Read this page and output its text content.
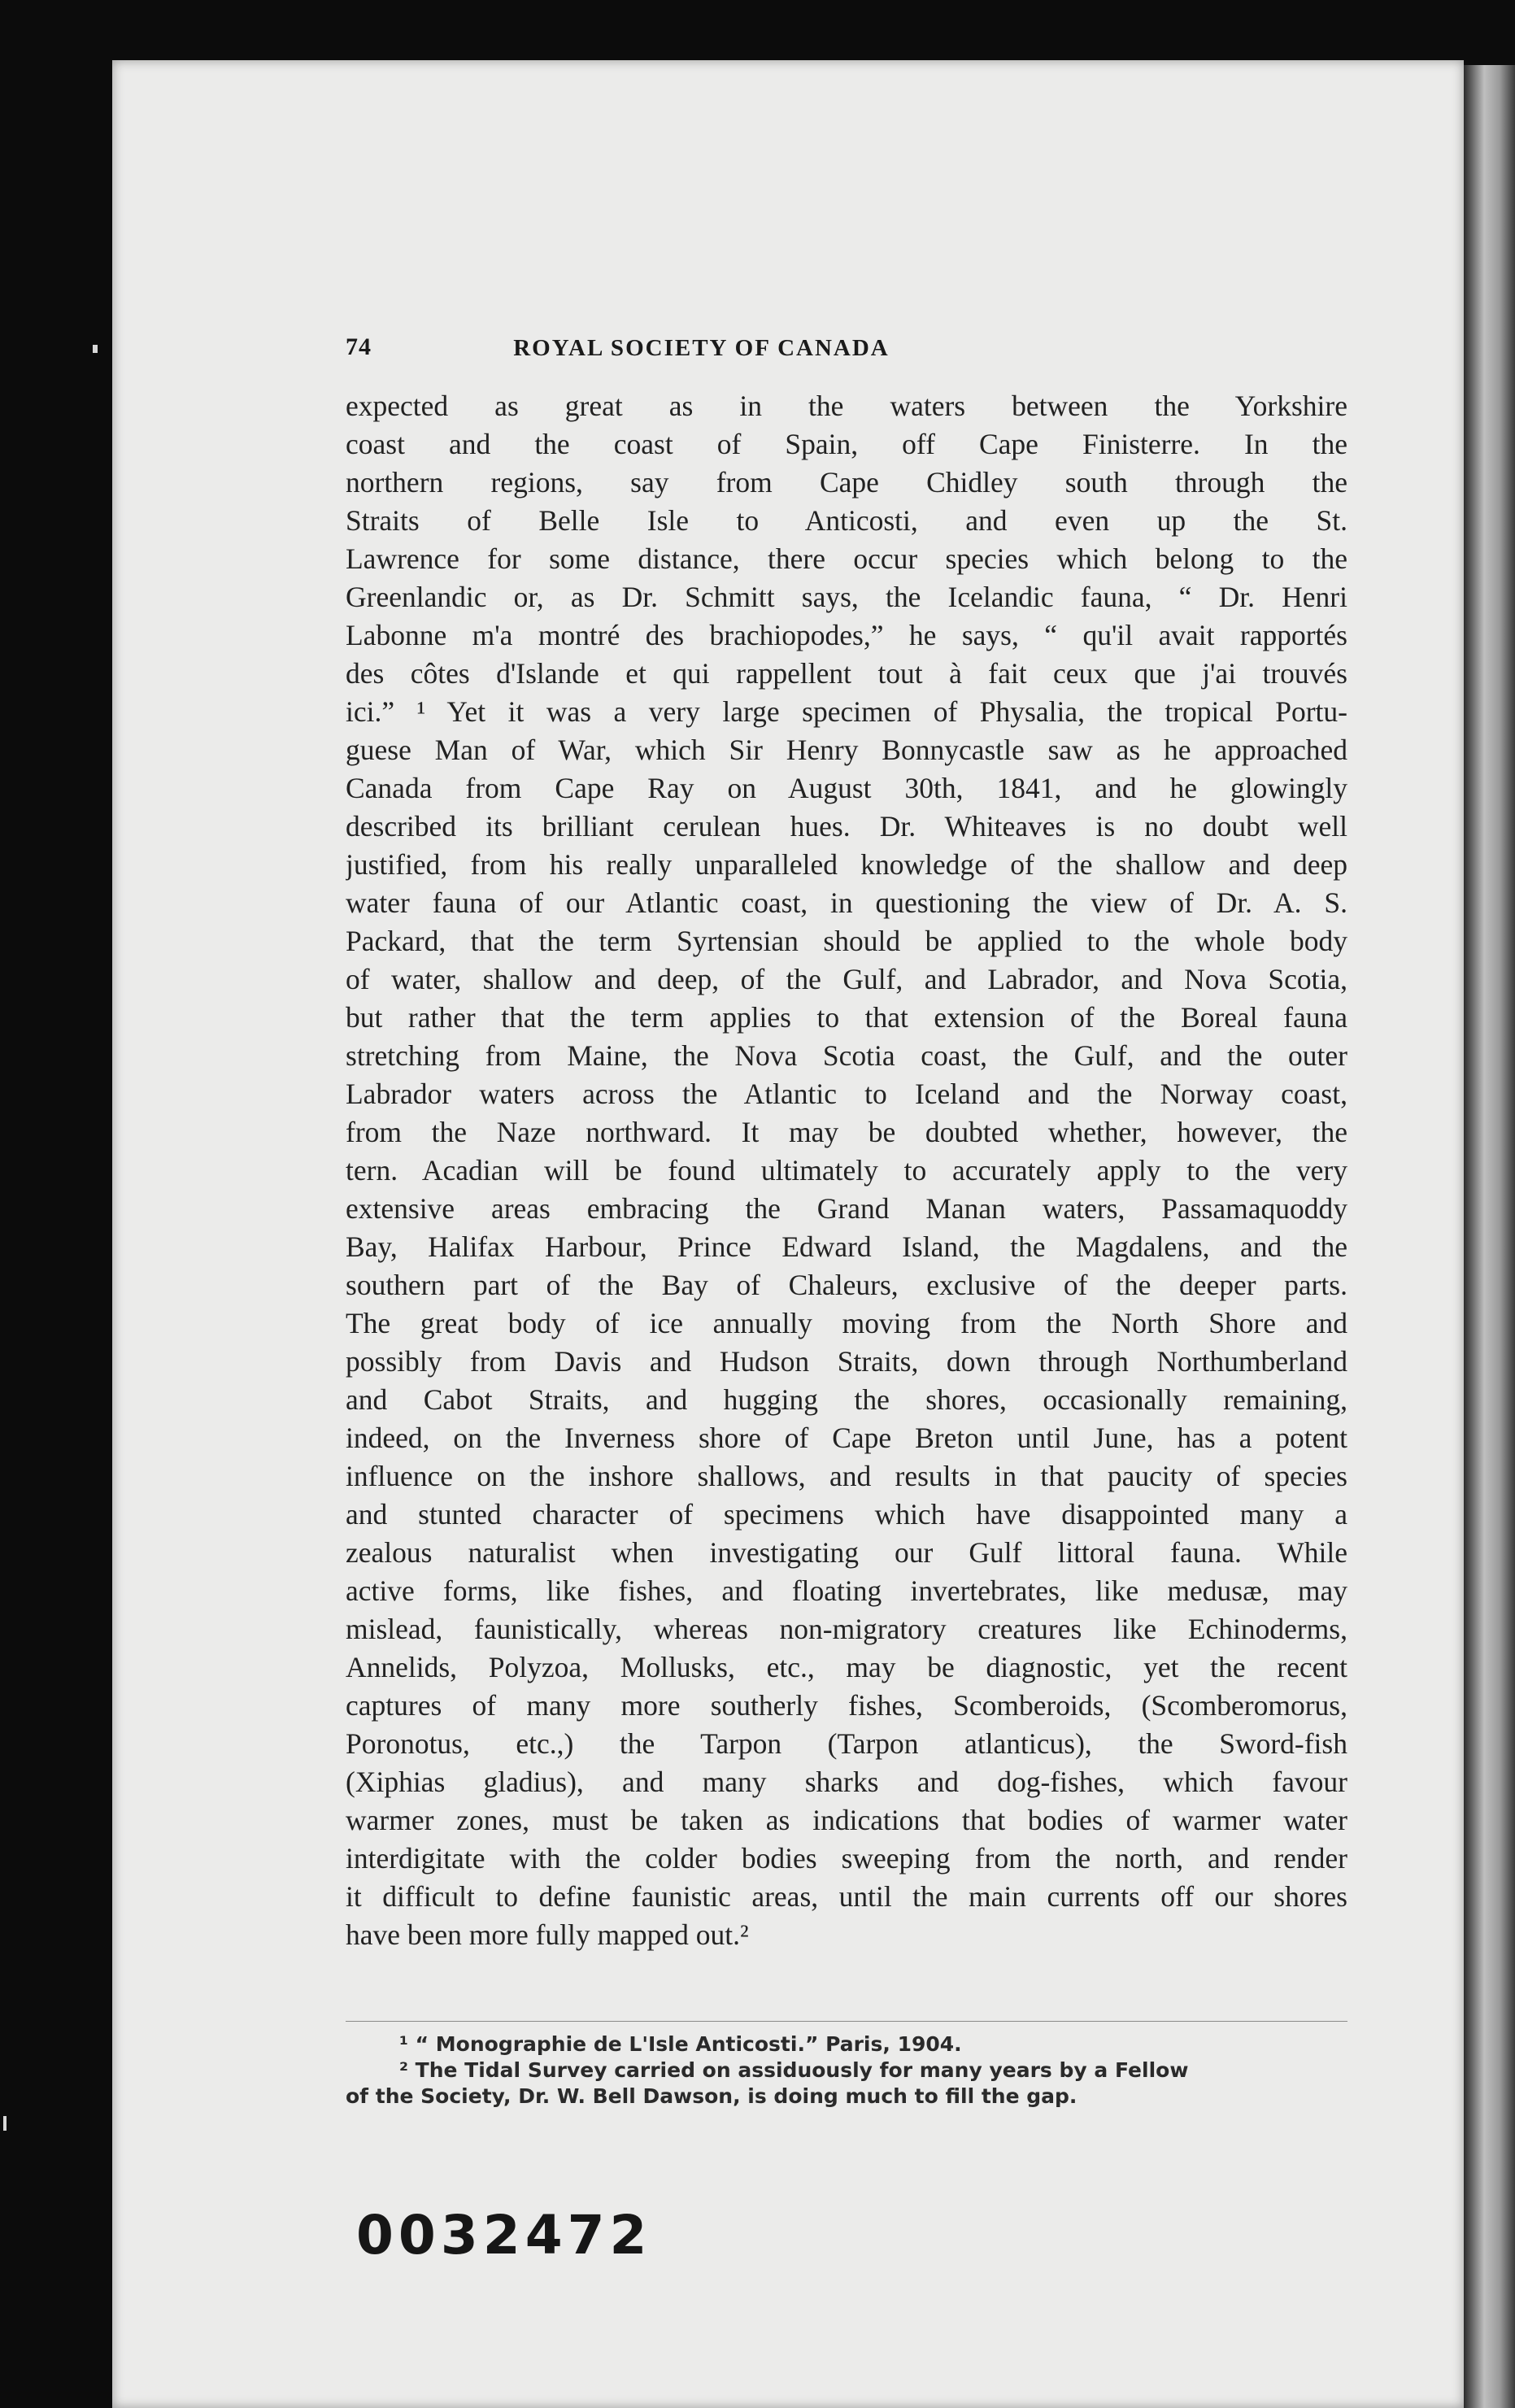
74	ROYAL SOCIETY OF CANADA
expected as great as in the waters between the Yorkshire
coast and the coast of Spain, off Cape Finisterre. In the
northern regions, say from Cape Chidley south through the
Straits of Belle Isle to Anticosti, and even up the St.
Lawrence for some distance, there occur species which belong to the
Greenlandic or, as Dr. Schmitt says, the Icelandic fauna, “ Dr. Henri
Labonne m'a montré des brachiopodes,” he says, “ qu'il avait rapportés
des côtes d'Islande et qui rappellent tout à fait ceux que j'ai trouvés
ici.” ¹ Yet it was a very large specimen of Physalia, the tropical Portu-
guese Man of War, which Sir Henry Bonnycastle saw as he approached
Canada from Cape Ray on August 30th, 1841, and he glowingly
described its brilliant cerulean hues. Dr. Whiteaves is no doubt well
justified, from his really unparalleled knowledge of the shallow and deep
water fauna of our Atlantic coast, in questioning the view of Dr. A. S.
Packard, that the term Syrtensian should be applied to the whole body
of water, shallow and deep, of the Gulf, and Labrador, and Nova Scotia,
but rather that the term applies to that extension of the Boreal fauna
stretching from Maine, the Nova Scotia coast, the Gulf, and the outer
Labrador waters across the Atlantic to Iceland and the Norway coast,
from the Naze northward. It may be doubted whether, however, the
tern. Acadian will be found ultimately to accurately apply to the very
extensive areas embracing the Grand Manan waters, Passamaquoddy
Bay, Halifax Harbour, Prince Edward Island, the Magdalens, and the
southern part of the Bay of Chaleurs, exclusive of the deeper parts.
The great body of ice annually moving from the North Shore and
possibly from Davis and Hudson Straits, down through Northumberland
and Cabot Straits, and hugging the shores, occasionally remaining,
indeed, on the Inverness shore of Cape Breton until June, has a potent
influence on the inshore shallows, and results in that paucity of species
and stunted character of specimens which have disappointed many a
zealous naturalist when investigating our Gulf littoral fauna. While
active forms, like fishes, and floating invertebrates, like medusæ, may
mislead, faunistically, whereas non-migratory creatures like Echinoderms,
Annelids, Polyzoa, Mollusks, etc., may be diagnostic, yet the recent
captures of many more southerly fishes, Scomberoids, (Scomberomorus,
Poronotus, etc.,) the Tarpon (Tarpon atlanticus), the Sword-fish
(Xiphias gladius), and many sharks and dog-fishes, which favour
warmer zones, must be taken as indications that bodies of warmer water
interdigitate with the colder bodies sweeping from the north, and render
it difficult to define faunistic areas, until the main currents off our shores
have been more fully mapped out.²
¹ “ Monographie de L'Isle Anticosti.” Paris, 1904.
² The Tidal Survey carried on assiduously for many years by a Fellow
of the Society, Dr. W. Bell Dawson, is doing much to fill the gap.
0032472
